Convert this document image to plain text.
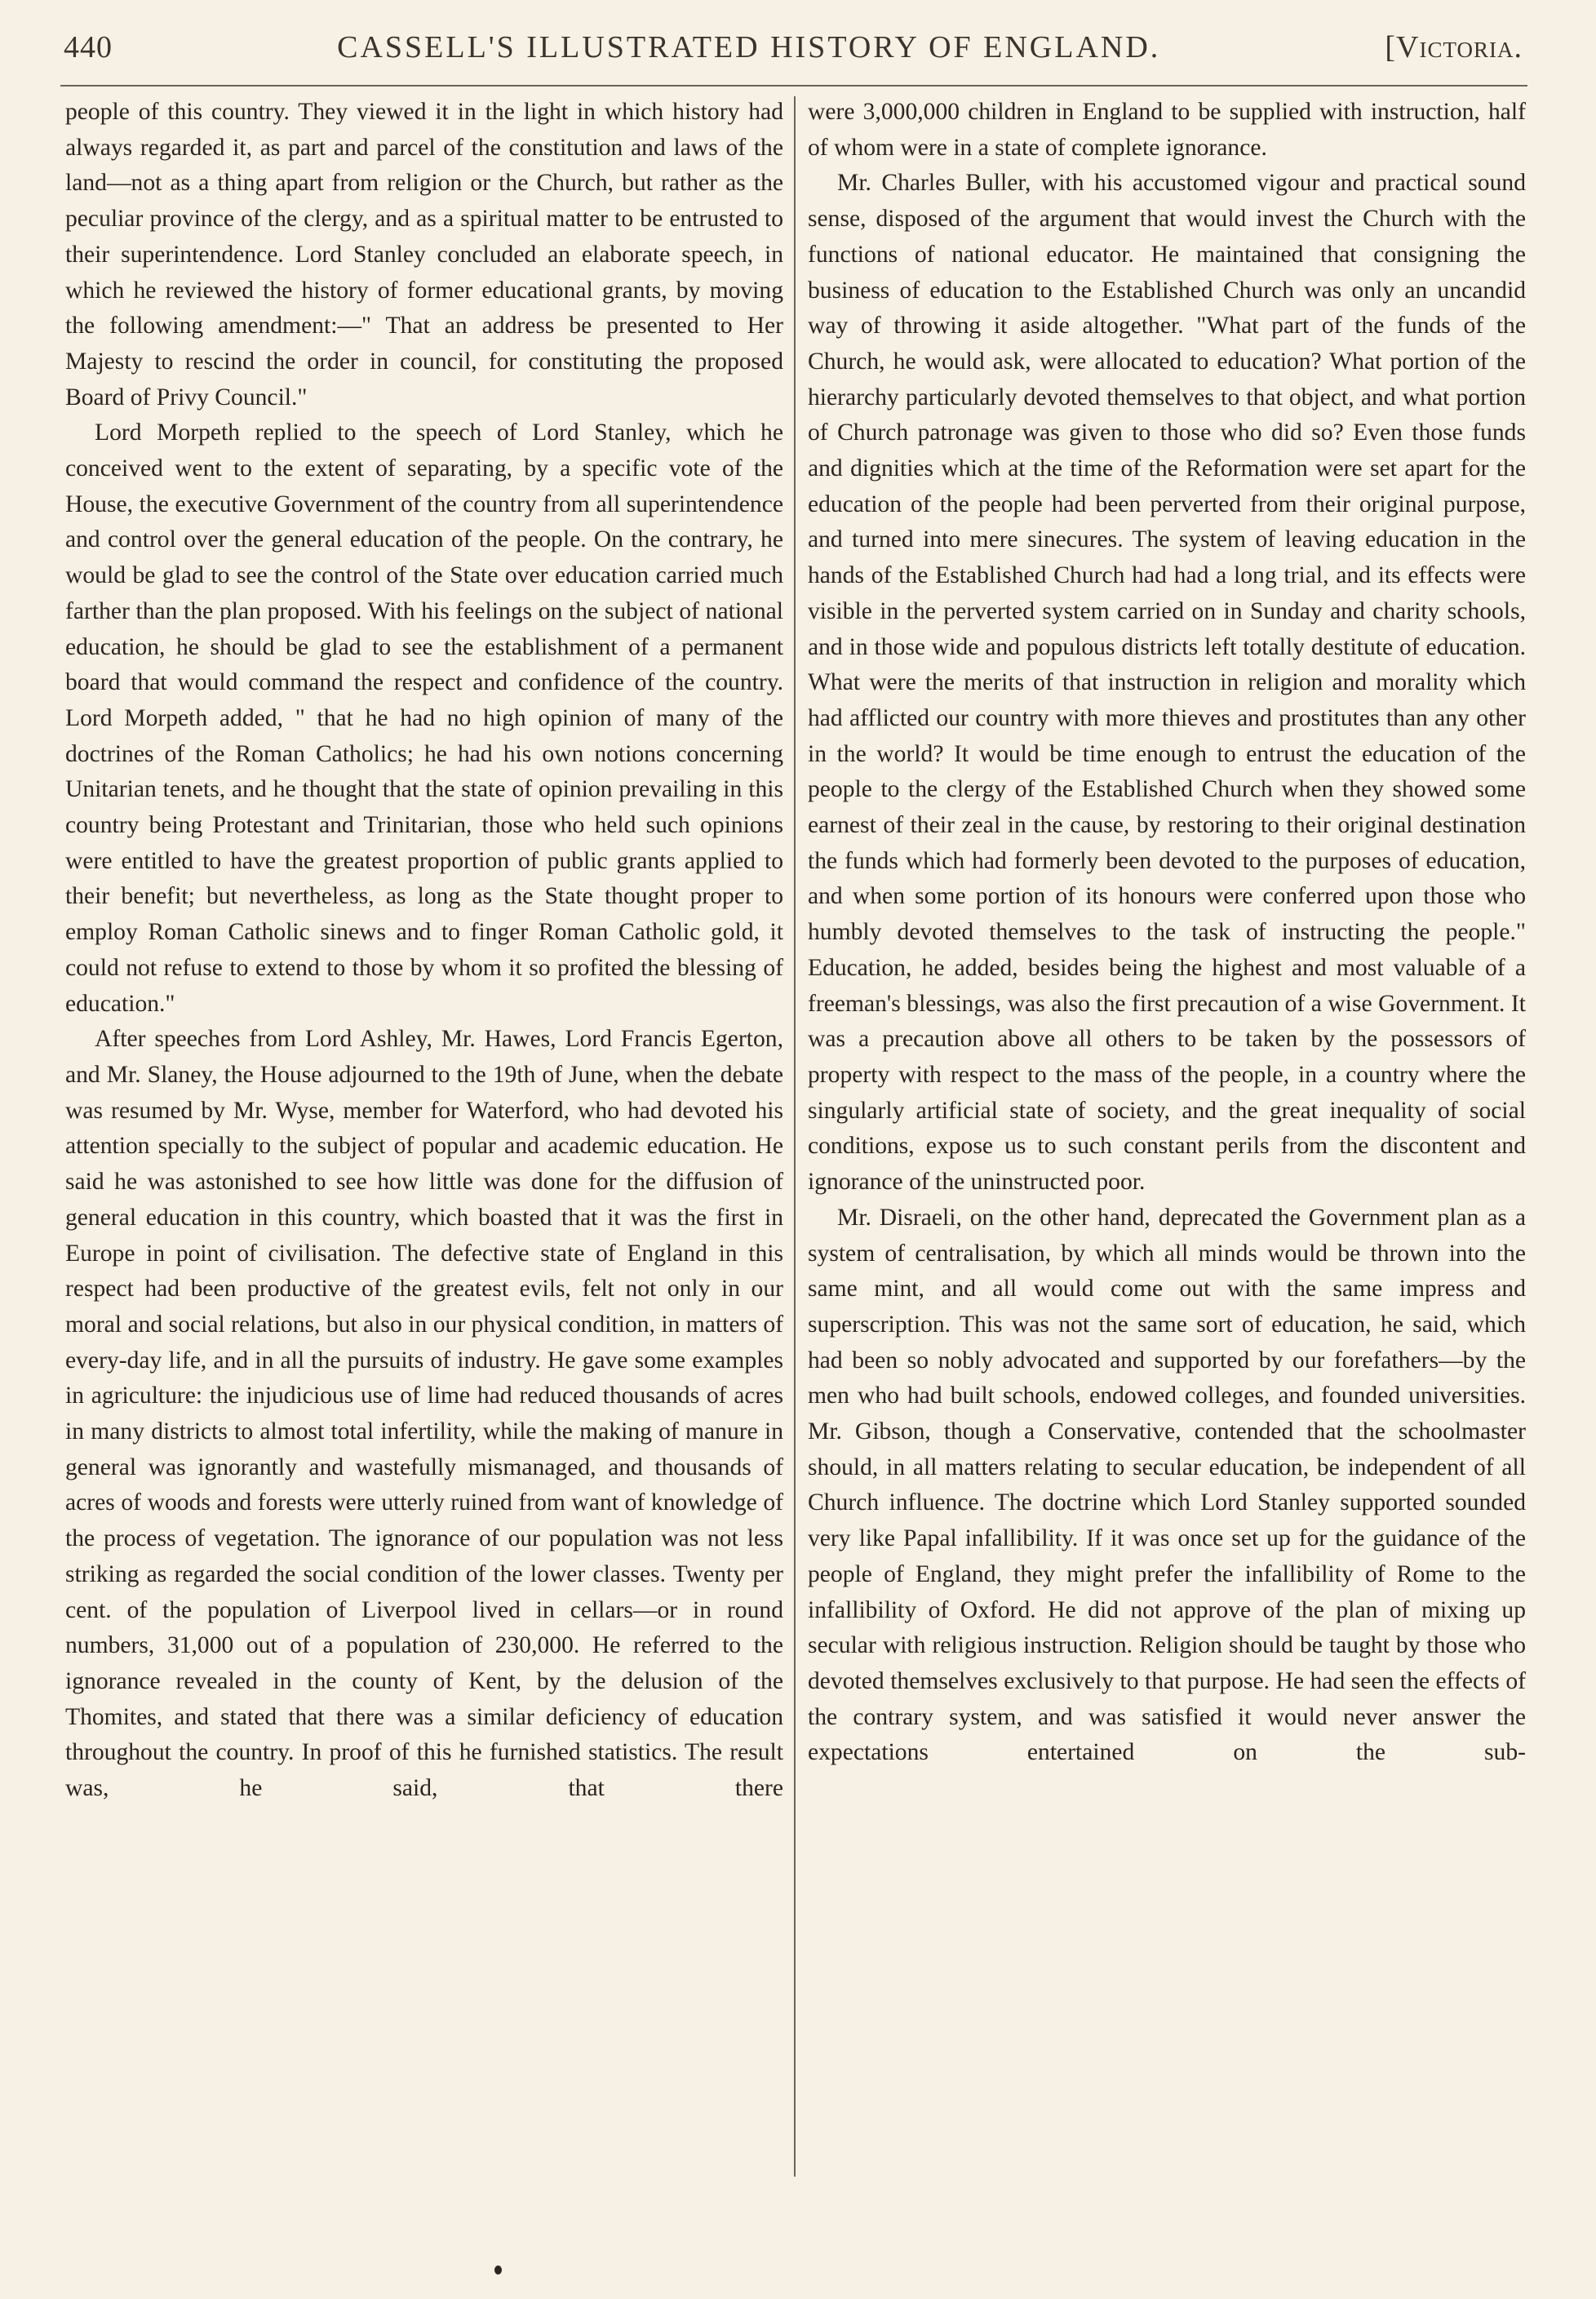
440	CASSELL'S ILLUSTRATED HISTORY OF ENGLAND.	[Victoria.

people of this country. They viewed it in the light in which history had always regarded it, as part and parcel of the constitution and laws of the land—not as a thing apart from religion or the Church, but rather as the peculiar province of the clergy, and as a spiritual matter to be entrusted to their superintendence. Lord Stanley concluded an elaborate speech, in which he reviewed the history of former educational grants, by moving the following amendment:—" That an address be presented to Her Majesty to rescind the order in council, for constituting the proposed Board of Privy Council."

Lord Morpeth replied to the speech of Lord Stanley, which he conceived went to the extent of separating, by a specific vote of the House, the executive Government of the country from all superintendence and control over the general education of the people. On the contrary, he would be glad to see the control of the State over education carried much farther than the plan proposed. With his feelings on the subject of national education, he should be glad to see the establishment of a permanent board that would command the respect and confidence of the country. Lord Morpeth added, " that he had no high opinion of many of the doctrines of the Roman Catholics; he had his own notions concerning Unitarian tenets, and he thought that the state of opinion prevailing in this country being Protestant and Trinitarian, those who held such opinions were entitled to have the greatest proportion of public grants applied to their benefit; but nevertheless, as long as the State thought proper to employ Roman Catholic sinews and to finger Roman Catholic gold, it could not refuse to extend to those by whom it so profited the blessing of education."

After speeches from Lord Ashley, Mr. Hawes, Lord Francis Egerton, and Mr. Slaney, the House adjourned to the 19th of June, when the debate was resumed by Mr. Wyse, member for Waterford, who had devoted his attention specially to the subject of popular and academic education. He said he was astonished to see how little was done for the diffusion of general education in this country, which boasted that it was the first in Europe in point of civilisation. The defective state of England in this respect had been productive of the greatest evils, felt not only in our moral and social relations, but also in our physical condition, in matters of every-day life, and in all the pursuits of industry. He gave some examples in agriculture: the injudicious use of lime had reduced thousands of acres in many districts to almost total infertility, while the making of manure in general was ignorantly and wastefully mismanaged, and thousands of acres of woods and forests were utterly ruined from want of knowledge of the process of vegetation. The ignorance of our population was not less striking as regarded the social condition of the lower classes. Twenty per cent. of the population of Liverpool lived in cellars—or in round numbers, 31,000 out of a population of 230,000. He referred to the ignorance revealed in the county of Kent, by the delusion of the Thomites, and stated that there was a similar deficiency of education throughout the country. In proof of this he furnished statistics. The result was, he said, that there

were 3,000,000 children in England to be supplied with instruction, half of whom were in a state of complete ignorance.

Mr. Charles Buller, with his accustomed vigour and practical sound sense, disposed of the argument that would invest the Church with the functions of national educator. He maintained that consigning the business of education to the Established Church was only an uncandid way of throwing it aside altogether. "What part of the funds of the Church, he would ask, were allocated to education? What portion of the hierarchy particularly devoted themselves to that object, and what portion of Church patronage was given to those who did so? Even those funds and dignities which at the time of the Reformation were set apart for the education of the people had been perverted from their original purpose, and turned into mere sinecures. The system of leaving education in the hands of the Established Church had had a long trial, and its effects were visible in the perverted system carried on in Sunday and charity schools, and in those wide and populous districts left totally destitute of education. What were the merits of that instruction in religion and morality which had afflicted our country with more thieves and prostitutes than any other in the world? It would be time enough to entrust the education of the people to the clergy of the Established Church when they showed some earnest of their zeal in the cause, by restoring to their original destination the funds which had formerly been devoted to the purposes of education, and when some portion of its honours were conferred upon those who humbly devoted themselves to the task of instructing the people." Education, he added, besides being the highest and most valuable of a freeman's blessings, was also the first precaution of a wise Government. It was a precaution above all others to be taken by the possessors of property with respect to the mass of the people, in a country where the singularly artificial state of society, and the great inequality of social conditions, expose us to such constant perils from the discontent and ignorance of the uninstructed poor.

Mr. Disraeli, on the other hand, deprecated the Government plan as a system of centralisation, by which all minds would be thrown into the same mint, and all would come out with the same impress and superscription. This was not the same sort of education, he said, which had been so nobly advocated and supported by our forefathers—by the men who had built schools, endowed colleges, and founded universities. Mr. Gibson, though a Conservative, contended that the schoolmaster should, in all matters relating to secular education, be independent of all Church influence. The doctrine which Lord Stanley supported sounded very like Papal infallibility. If it was once set up for the guidance of the people of England, they might prefer the infallibility of Rome to the infallibility of Oxford. He did not approve of the plan of mixing up secular with religious instruction. Religion should be taught by those who devoted themselves exclusively to that purpose. He had seen the effects of the contrary system, and was satisfied it would never answer the expectations entertained on the sub-
